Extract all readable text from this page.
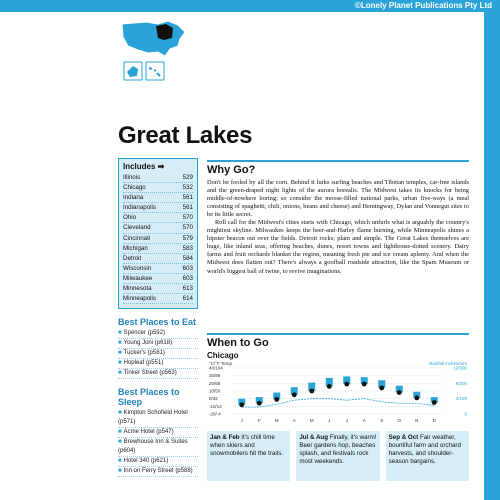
©Lonely Planet Publications Pty Ltd
Great Lakes
Includes ➡
Illinois	529
Chicago	532
Indiana	561
Indianapolis	561
Ohio	570
Cleveland	570
Cincinnati	579
Michigan	583
Detroit	584
Wisconsin	603
Milwaukee	603
Minnesota	613
Minneapolis	614
Best Places to Eat
■ Spencer (p592)
■ Young Joni (p618)
■ Tucker's (p581)
■ Hopleaf (p551)
■ Tinker Street (p563)
Best Places to Sleep
■ Kimpton Schofield Hotel (p571)
■ Acme Hotel (p547)
■ Brewhouse Inn & Suites (p604)
■ Hotel 340 (p621)
■ Inn on Ferry Street (p588)
Why Go?

Don't be fooled by all the corn. Behind it lurks surfing beaches and Tibetan temples, car-free islands and the green-draped night lights of the aurora borealis. The Midwest takes its knocks for being middle-of-nowhere boring; so consider the moose-filled national parks, urban five-ways (a meal consisting of spaghetti, chili, onions, beans and cheese) and Hemingway, Dylan and Vonnegut sites to be its little secret.

Roll call for the Midwest's cities starts with Chicago, which unfurls what is arguably the country's mightiest skyline. Milwaukee keeps the beer-and-Harley flame burning, while Minneapolis shines a hipster beacon out over the fields. Detroit rocks; plain and simple. The Great Lakes themselves are huge, like inland seas, offering beaches, dunes, resort towns and lighthouse-dotted scenery. Dairy farms and fruit orchards blanket the region, meaning fresh pie and ice cream aplenty. And when the Midwest does flatten out? There's always a goofball roadside attraction, like the Spam Museum or world's biggest ball of twine, to revive imaginations.

When to Go
Chicago
°C/°F Temp	Rainfall inches/mm
40/104
30/86
20/68
10/50
0/32
-10/14
-20/-4
12/300
8/200
4/100
0
J	F	M	A	M	J	J	A	S	O	N	D
Jan & Feb It's chill time when skiers and snowmobilers hit the trails.
Jul & Aug Finally, it's warm! Beer gardens hop, beaches splash, and festivals rock most weekends.
Sep & Oct Fair weather, bountiful farm and orchard harvests, and shoulder-season bargains.
